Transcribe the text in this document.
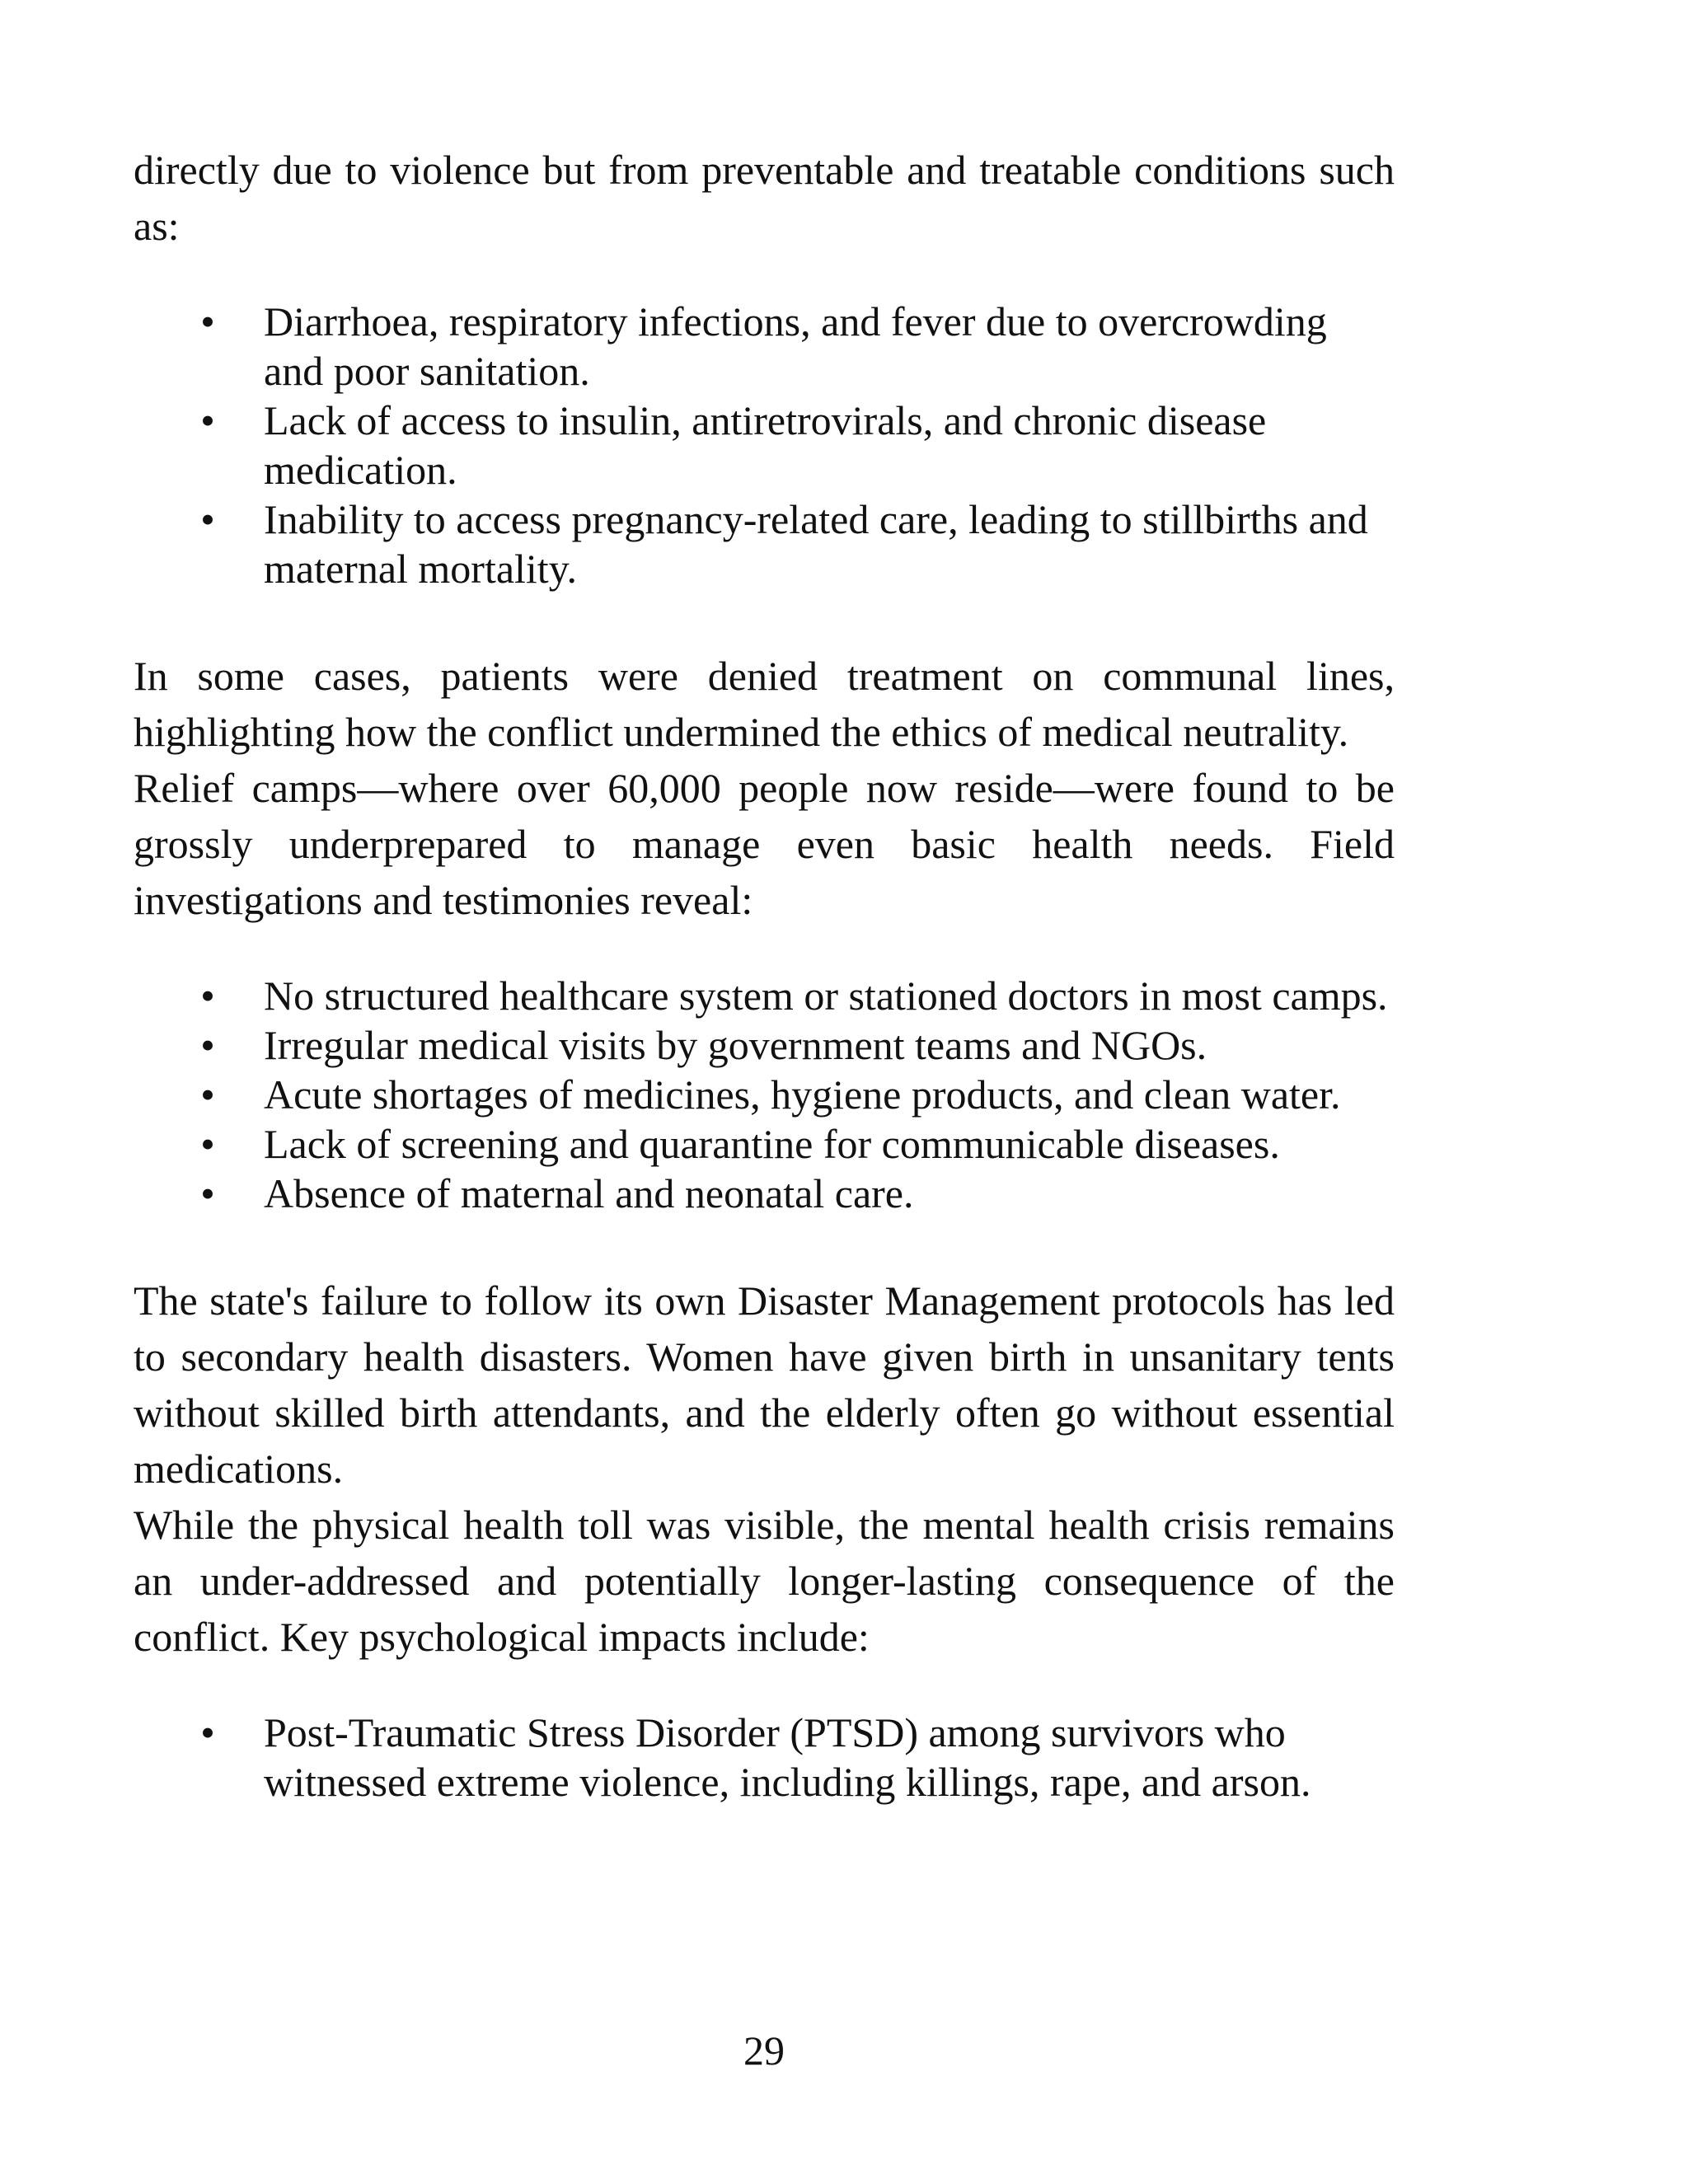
directly due to violence but from preventable and treatable conditions such as:

• Diarrhoea, respiratory infections, and fever due to overcrowding and poor sanitation.
• Lack of access to insulin, antiretrovirals, and chronic disease medication.
• Inability to access pregnancy-related care, leading to stillbirths and maternal mortality.

In some cases, patients were denied treatment on communal lines, highlighting how the conflict undermined the ethics of medical neutrality.

Relief camps—where over 60,000 people now reside—were found to be grossly underprepared to manage even basic health needs. Field investigations and testimonies reveal:

• No structured healthcare system or stationed doctors in most camps.
• Irregular medical visits by government teams and NGOs.
• Acute shortages of medicines, hygiene products, and clean water.
• Lack of screening and quarantine for communicable diseases.
• Absence of maternal and neonatal care.

The state's failure to follow its own Disaster Management protocols has led to secondary health disasters. Women have given birth in unsanitary tents without skilled birth attendants, and the elderly often go without essential medications.

While the physical health toll was visible, the mental health crisis remains an under-addressed and potentially longer-lasting consequence of the conflict. Key psychological impacts include:

• Post-Traumatic Stress Disorder (PTSD) among survivors who witnessed extreme violence, including killings, rape, and arson.
29
